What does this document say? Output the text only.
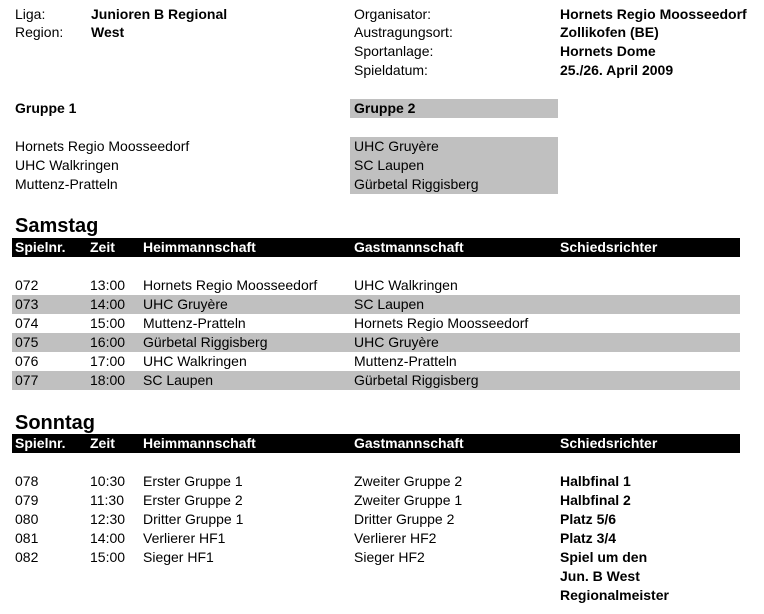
Liga:	Junioren B Regional
Region: West
Organisator:	Hornets Regio Moosseedorf
Austragungsort:	Zollikofen (BE)
Sportanlage:	Hornets Dome
Spieldatum:	25./26. April 2009
Gruppe 1
Hornets Regio Moosseedorf
UHC Walkringen
Muttenz-Pratteln
Gruppe 2
UHC Gruyère
SC Laupen
Gürbetal Riggisberg
Samstag
Spielnr. Zeit Heimmannschaft	Gastmannschaft	Schiedsrichter
072	13:00 Hornets Regio Moosseedorf	UHC Walkringen
073	14:00 UHC Gruyère	SC Laupen
074	15:00 Muttenz-Pratteln	Hornets Regio Moosseedorf
075	16:00 Gürbetal Riggisberg	UHC Gruyère
076	17:00 UHC Walkringen	Muttenz-Pratteln
077	18:00 SC Laupen	Gürbetal Riggisberg
Sonntag
Spielnr. Zeit Heimmannschaft	Gastmannschaft	Schiedsrichter
078	10:30 Erster Gruppe 1	Zweiter Gruppe 2	Halbfinal 1
079	11:30 Erster Gruppe 2	Zweiter Gruppe 1	Halbfinal 2
080	12:30 Dritter Gruppe 1	Dritter Gruppe 2	Platz 5/6
081	14:00 Verlierer HF1	Verlierer HF2	Platz 3/4
082	15:00 Sieger HF1	Sieger HF2	Spiel um den
Jun. B West
Regionalmeister
